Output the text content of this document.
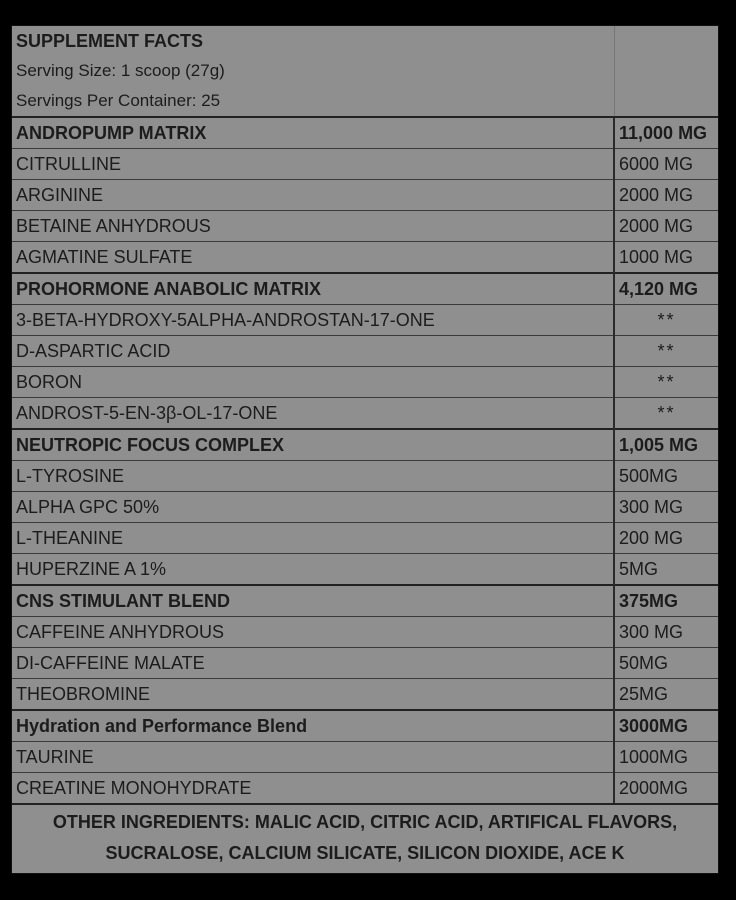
SUPPLEMENT FACTS	
Serving Size: 1 scoop (27g)	
Servings Per Container: 25	
ANDROPUMP MATRIX	11,000 MG
CITRULLINE	6000 MG
ARGININE	2000 MG
BETAINE ANHYDROUS	2000 MG
AGMATINE SULFATE	1000 MG
PROHORMONE ANABOLIC MATRIX	4,120 MG
3-BETA-HYDROXY-5ALPHA-ANDROSTAN-17-ONE	**
D-ASPARTIC ACID	**
BORON	**
ANDROST-5-EN-3β-OL-17-ONE	**
NEUTROPIC FOCUS COMPLEX	1,005 MG
L-TYROSINE	500MG
ALPHA GPC 50%	300 MG
L-THEANINE	200 MG
HUPERZINE A 1%	5MG
CNS STIMULANT BLEND	375MG
CAFFEINE ANHYDROUS	300 MG
DI-CAFFEINE MALATE	50MG
THEOBROMINE	25MG
Hydration and Performance Blend	3000MG
TAURINE	1000MG
CREATINE MONOHYDRATE	2000MG
OTHER INGREDIENTS: MALIC ACID, CITRIC ACID, ARTIFICAL FLAVORS, SUCRALOSE, CALCIUM SILICATE, SILICON DIOXIDE, ACE K
